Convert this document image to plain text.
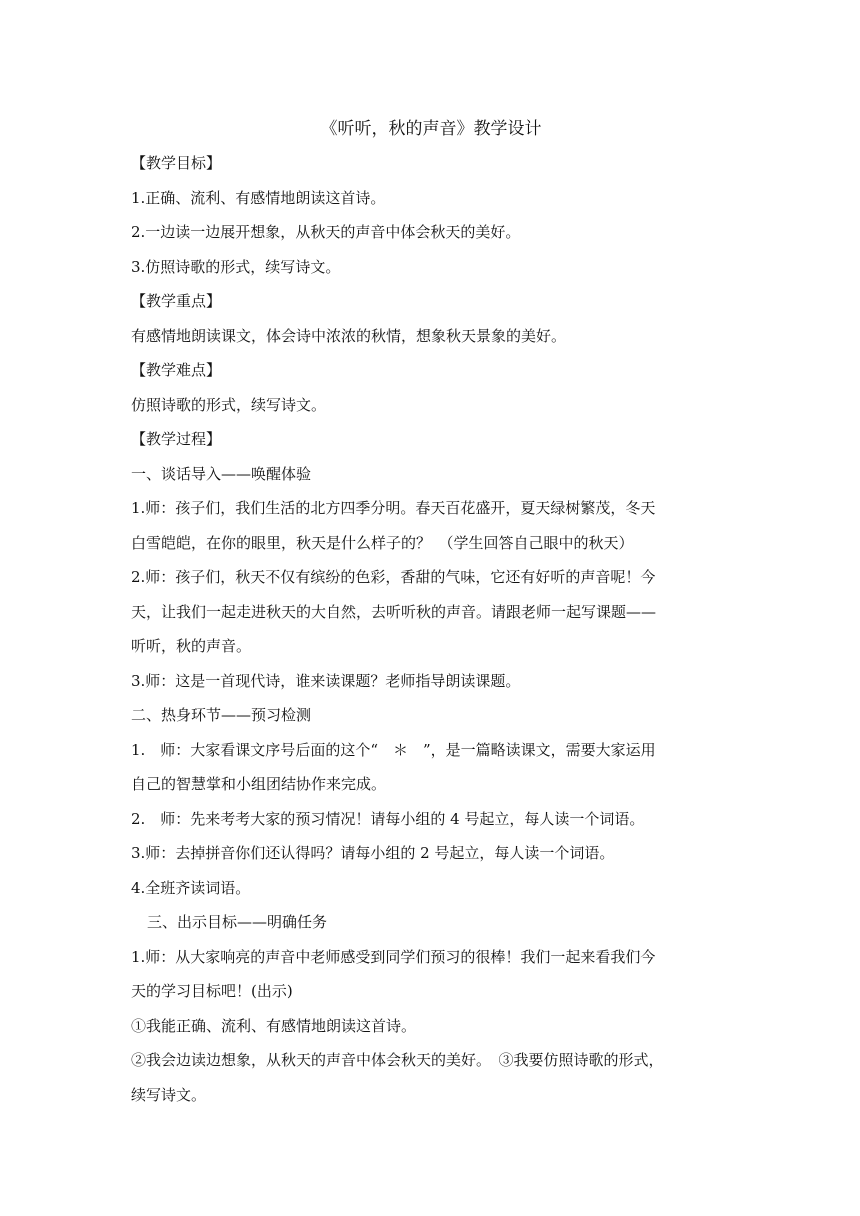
《听听，秋的声音》教学设计
【教学目标】
1.正确、流利、有感情地朗读这首诗。
2.一边读一边展开想象，从秋天的声音中体会秋天的美好。
3.仿照诗歌的形式，续写诗文。
【教学重点】
有感情地朗读课文，体会诗中浓浓的秋情，想象秋天景象的美好。
【教学难点】
仿照诗歌的形式，续写诗文。
【教学过程】
一、谈话导入——唤醒体验
1.师：孩子们，我们生活的北方四季分明。春天百花盛开，夏天绿树繁茂，冬天
白雪皑皑，在你的眼里，秋天是什么样子的？　（学生回答自己眼中的秋天）
2.师：孩子们，秋天不仅有缤纷的色彩，香甜的气味，它还有好听的声音呢！今
天，让我们一起走进秋天的大自然，去听听秋的声音。请跟老师一起写课题——
听听，秋的声音。
3.师：这是一首现代诗，谁来读课题？老师指导朗读课题。
二、热身环节——预习检测
1.　师：大家看课文序号后面的这个“　＊　”，是一篇略读课文，需要大家运用
自己的智慧掌和小组团结协作来完成。
2.　师：先来考考大家的预习情况！请每小组的 4 号起立，每人读一个词语。
3.师：去掉拼音你们还认得吗？请每小组的 2 号起立，每人读一个词语。
4.全班齐读词语。
三、出示目标——明确任务
1.师：从大家响亮的声音中老师感受到同学们预习的很棒！我们一起来看我们今
天的学习目标吧！(出示)
①我能正确、流利、有感情地朗读这首诗。
②我会边读边想象，从秋天的声音中体会秋天的美好。　③我要仿照诗歌的形式，
续写诗文。
